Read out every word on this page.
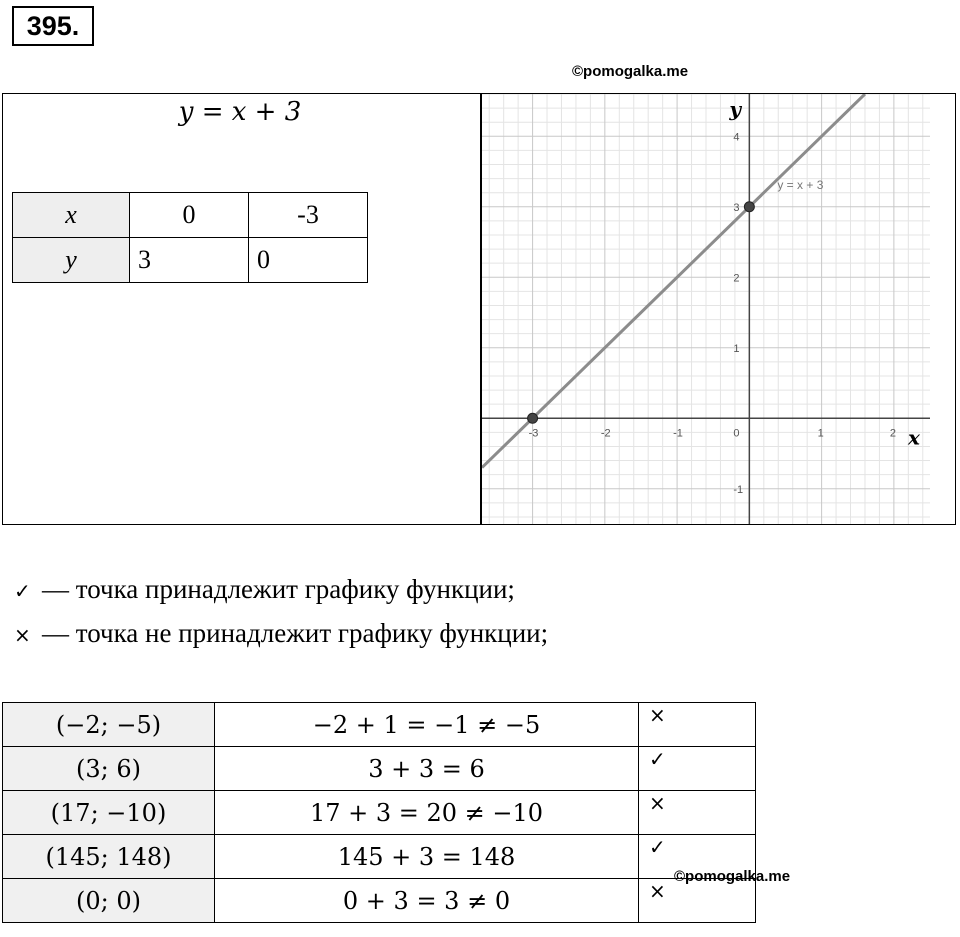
395.
©pomogalka.me
y = x + 3
x	0	-3
y	3	0
-3	-2	-1	0	1	2
-1
1
2
3
4
x
y
y = x + 3
✓ — точка принадлежит графику функции;
× — точка не принадлежит графику функции;
(−2; −5)	−2 + 1 = −1 ≠ −5	×
(3; 6)	3 + 3 = 6	✓
(17; −10)	17 + 3 = 20 ≠ −10	×
(145; 148)	145 + 3 = 148	✓
(0; 0)	0 + 3 = 3 ≠ 0	×
©pomogalka.me
